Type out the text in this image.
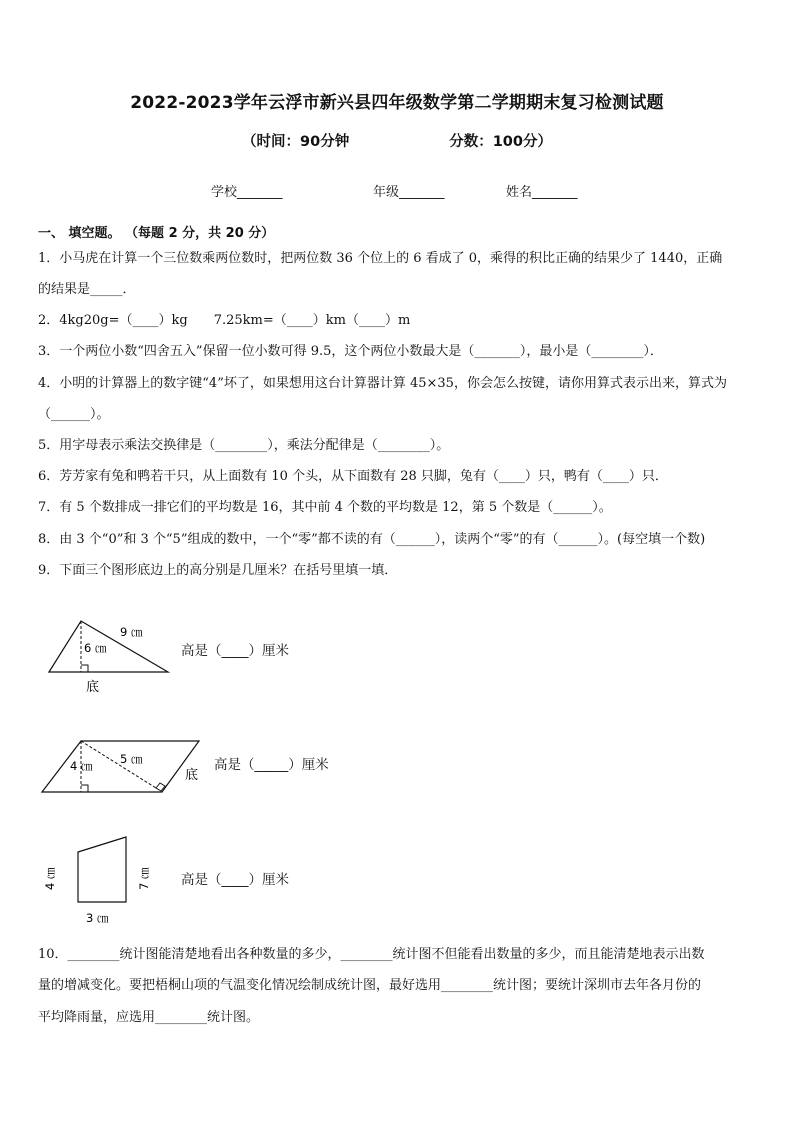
2022-2023学年云浮市新兴县四年级数学第二学期期末复习检测试题
（时间：90分钟	分数：100分）
学校_______	年级_______	姓名_______
一、 填空题。 （每题 2 分，共 20 分）
1．小马虎在计算一个三位数乘两位数时，把两位数 36 个位上的 6 看成了 0，乘得的积比正确的结果少了 1440，正确
的结果是_____．
2．4kg20g=（____）kg　　7.25km=（____）km（____）m
3．一个两位小数“四舍五入”保留一位小数可得 9.5，这个两位小数最大是（_______），最小是（________）．
4．小明的计算器上的数字键“4”坏了，如果想用这台计算器计算 45×35，你会怎么按键，请你用算式表示出来，算式为
（______）。
5．用字母表示乘法交换律是（________），乘法分配律是（________）。
6．芳芳家有兔和鸭若干只，从上面数有 10 个头，从下面数有 28 只脚，兔有（____）只，鸭有（____）只．
7．有 5 个数排成一排它们的平均数是 16，其中前 4 个数的平均数是 12，第 5 个数是（______）。
8．由 3 个“0”和 3 个“5”组成的数中，一个“零”都不读的有（______），读两个“零”的有（______）。(每空填一个数)
9．下面三个图形底边上的高分别是几厘米？在括号里填一填．
9 ㎝
6 ㎝
底
高是（____）厘米
4 ㎝ 5 ㎝
底
高是（_____）厘米
4 ㎝	7 ㎝
3 ㎝
高是（____）厘米
10．________统计图能清楚地看出各种数量的多少，________统计图不但能看出数量的多少，而且能清楚地表示出数
量的增减变化。要把梧桐山项的气温变化情况绘制成统计图，最好选用________统计图；要统计深圳市去年各月份的
平均降雨量，应选用________统计图。
